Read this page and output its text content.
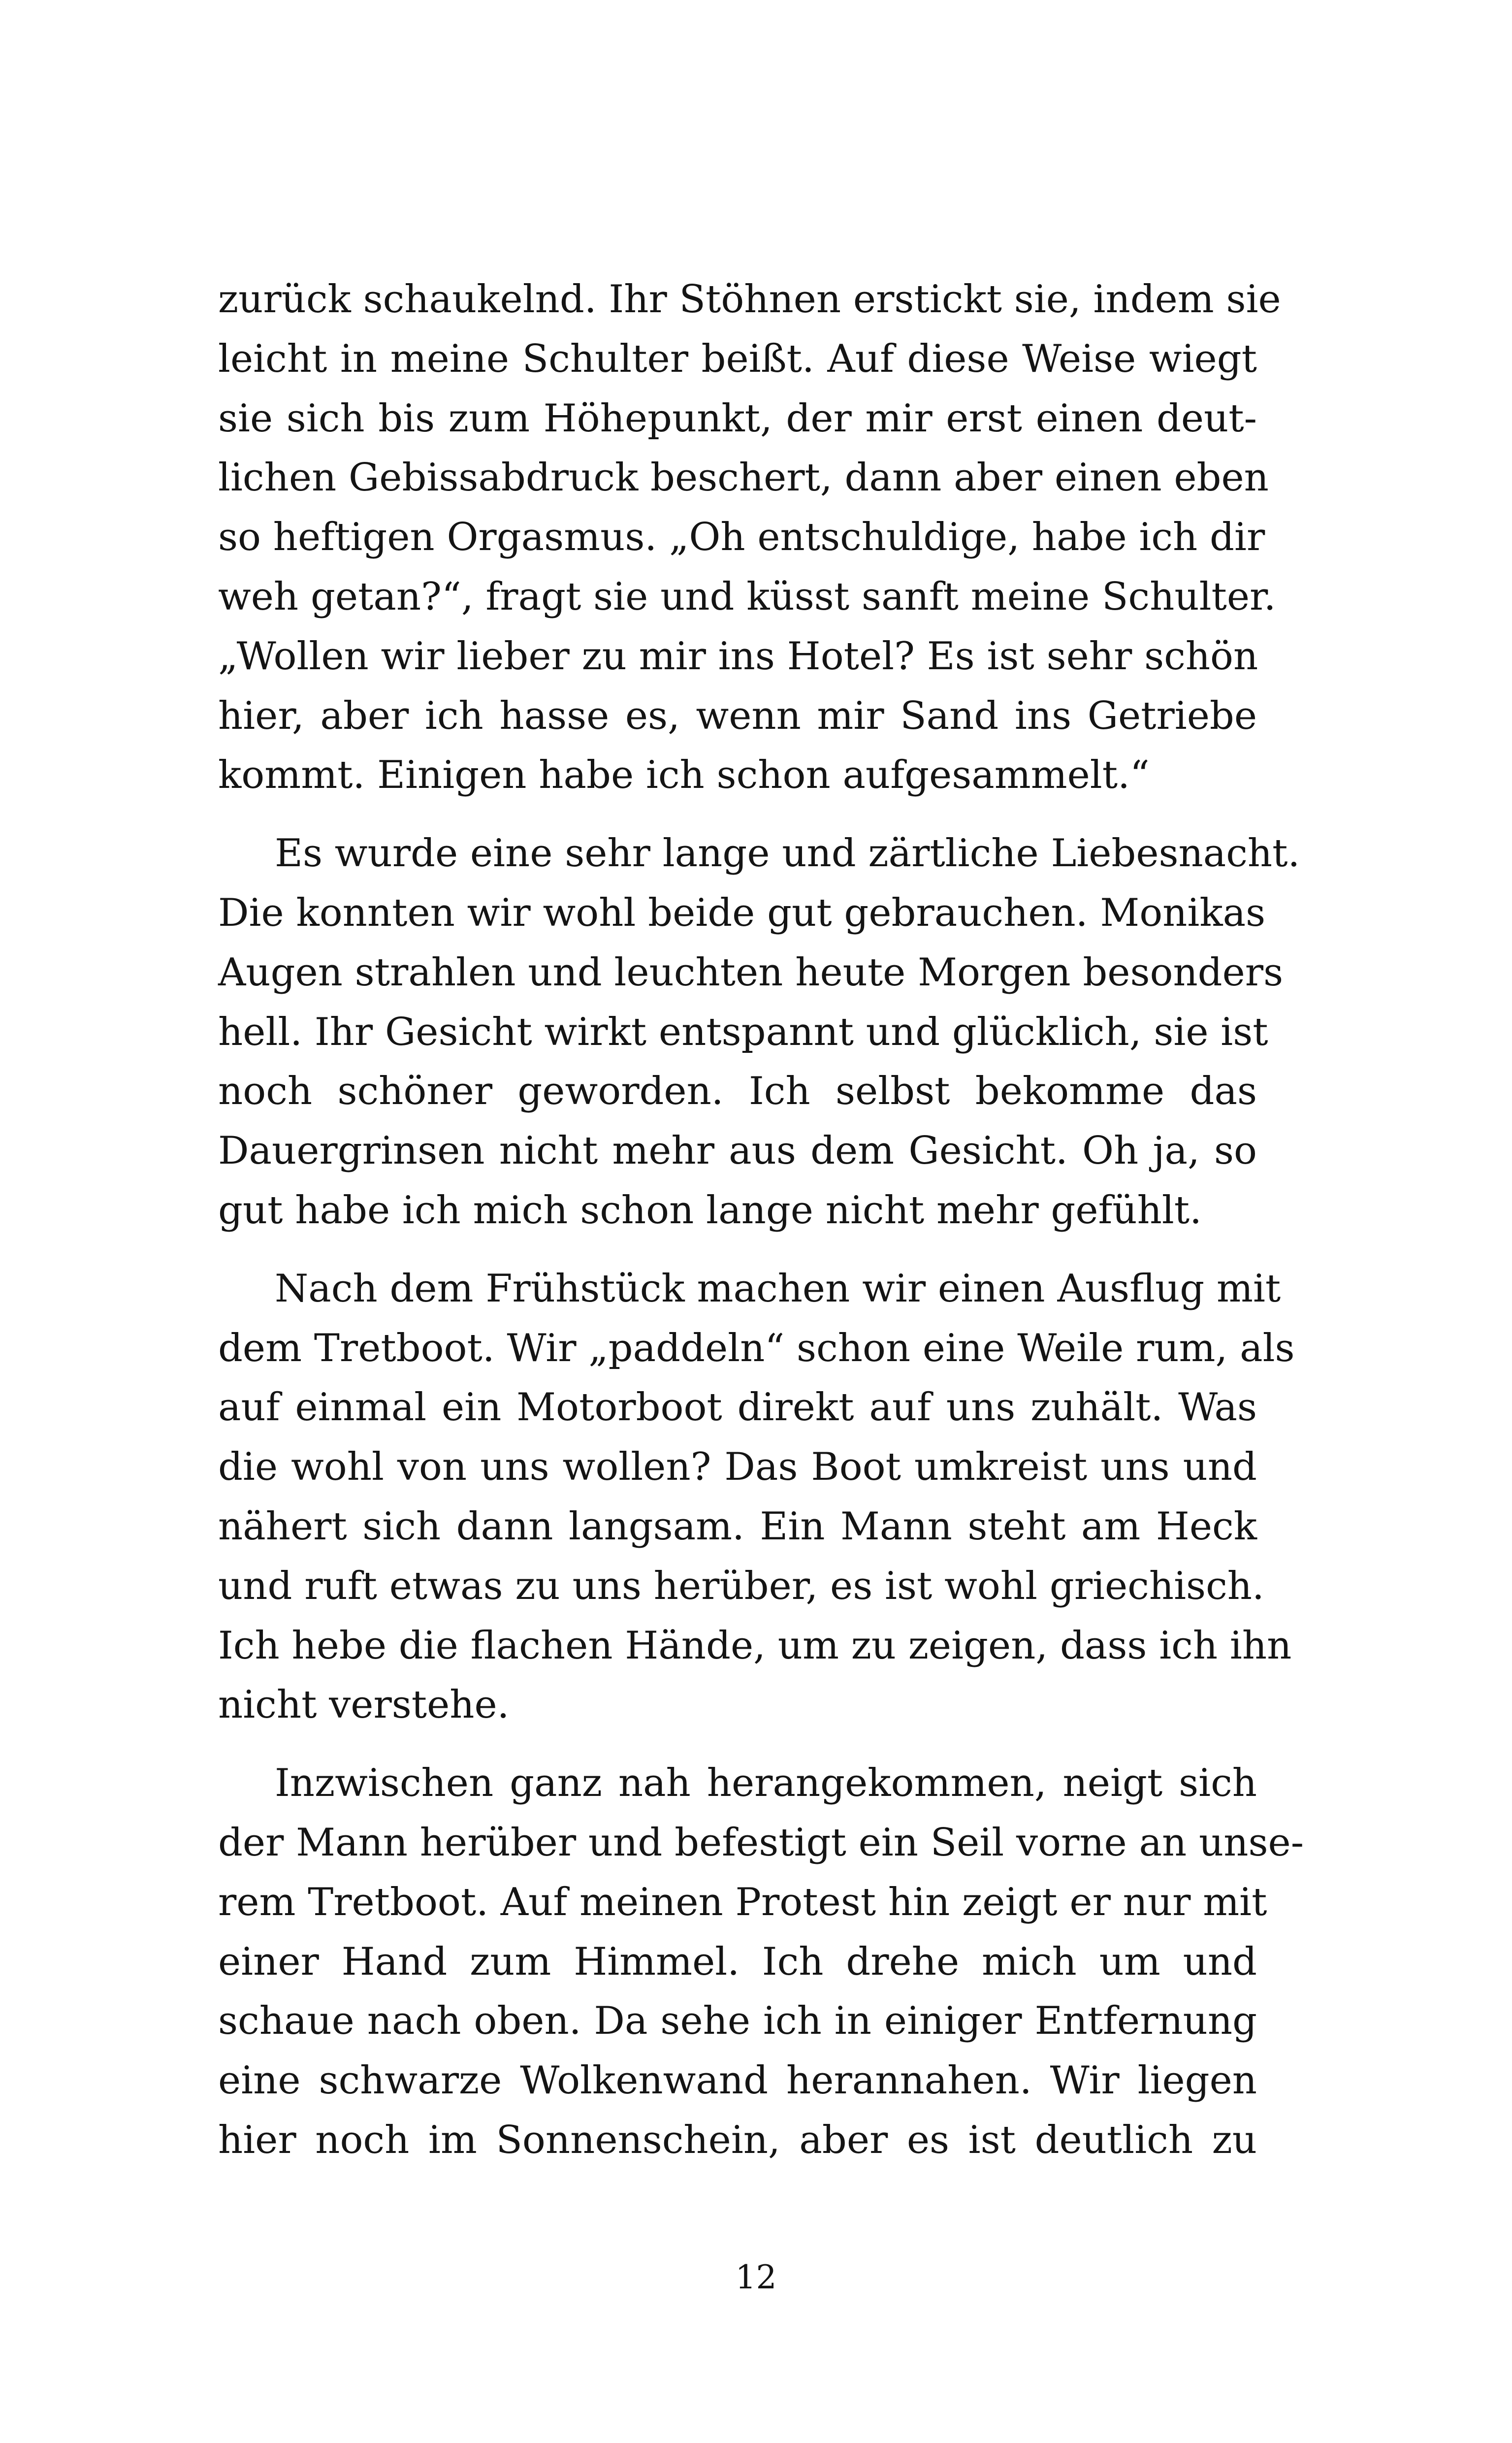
zurück schaukelnd. Ihr Stöhnen erstickt sie, indem sie
leicht in meine Schulter beißt. Auf diese Weise wiegt
sie sich bis zum Höhepunkt, der mir erst einen deut-
lichen Gebissabdruck beschert, dann aber einen eben
so heftigen Orgasmus. „Oh entschuldige, habe ich dir
weh getan?“, fragt sie und küsst sanft meine Schulter.
„Wollen wir lieber zu mir ins Hotel? Es ist sehr schön
hier, aber ich hasse es, wenn mir Sand ins Getriebe
kommt. Einigen habe ich schon aufgesammelt.“
Es wurde eine sehr lange und zärtliche Liebesnacht.
Die konnten wir wohl beide gut gebrauchen. Monikas
Augen strahlen und leuchten heute Morgen besonders
hell. Ihr Gesicht wirkt entspannt und glücklich, sie ist
noch schöner geworden. Ich selbst bekomme das
Dauergrinsen nicht mehr aus dem Gesicht. Oh ja, so
gut habe ich mich schon lange nicht mehr gefühlt.
Nach dem Frühstück machen wir einen Ausflug mit
dem Tretboot. Wir „paddeln“ schon eine Weile rum, als
auf einmal ein Motorboot direkt auf uns zuhält. Was
die wohl von uns wollen? Das Boot umkreist uns und
nähert sich dann langsam. Ein Mann steht am Heck
und ruft etwas zu uns herüber, es ist wohl griechisch.
Ich hebe die flachen Hände, um zu zeigen, dass ich ihn
nicht verstehe.
Inzwischen ganz nah herangekommen, neigt sich
der Mann herüber und befestigt ein Seil vorne an unse-
rem Tretboot. Auf meinen Protest hin zeigt er nur mit
einer Hand zum Himmel. Ich drehe mich um und
schaue nach oben. Da sehe ich in einiger Entfernung
eine schwarze Wolkenwand herannahen. Wir liegen
hier noch im Sonnenschein, aber es ist deutlich zu
12
